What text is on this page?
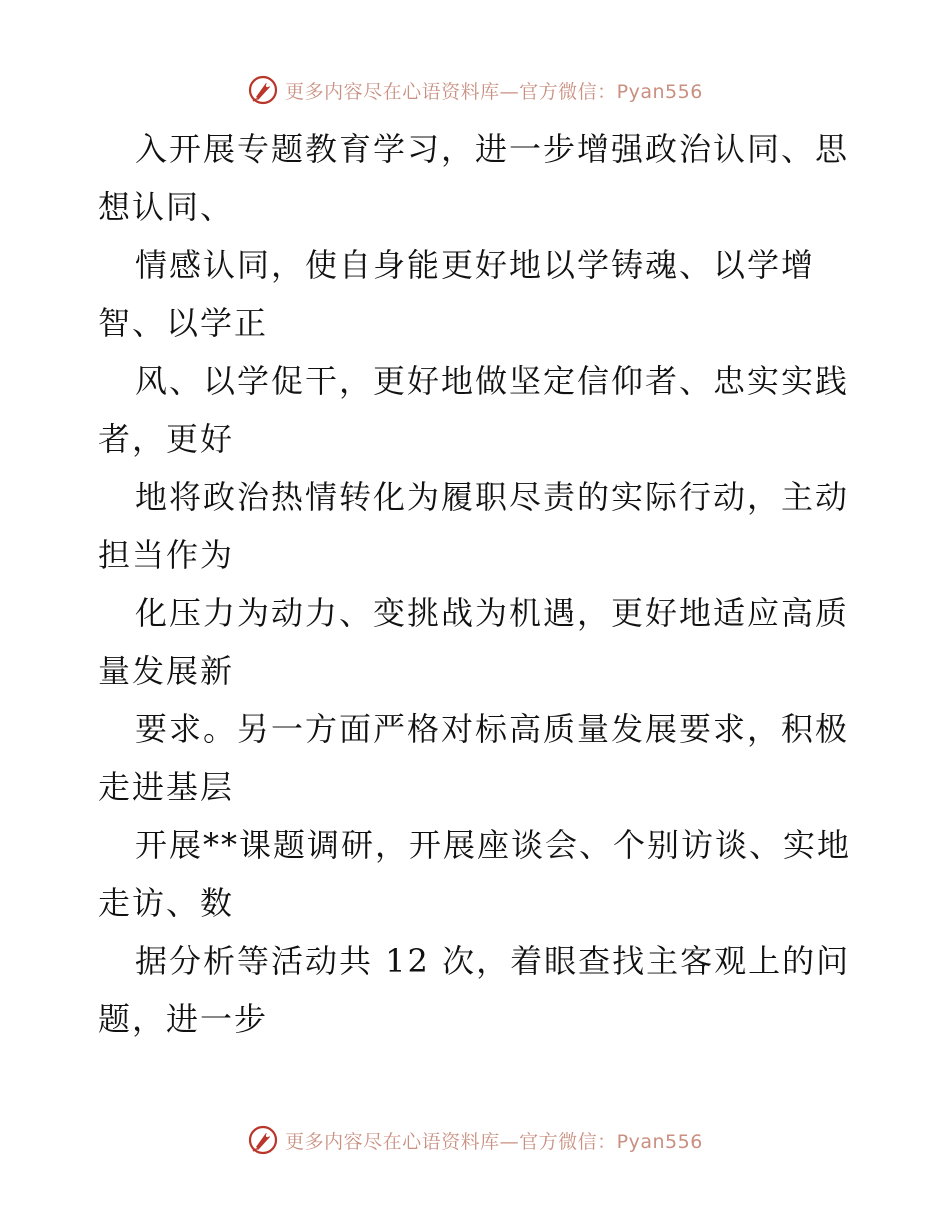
更多内容尽在心语资料库—官方微信：Pyan556
入开展专题教育学习，进一步增强政治认同、思
想认同、
情感认同，使自身能更好地以学铸魂、以学增
智、以学正
风、以学促干，更好地做坚定信仰者、忠实实践
者，更好
地将政治热情转化为履职尽责的实际行动，主动
担当作为
化压力为动力、变挑战为机遇，更好地适应高质
量发展新
要求。另一方面严格对标高质量发展要求，积极
走进基层
开展**课题调研，开展座谈会、个别访谈、实地
走访、数
据分析等活动共 12 次，着眼查找主客观上的问
题，进一步
更多内容尽在心语资料库—官方微信：Pyan556
